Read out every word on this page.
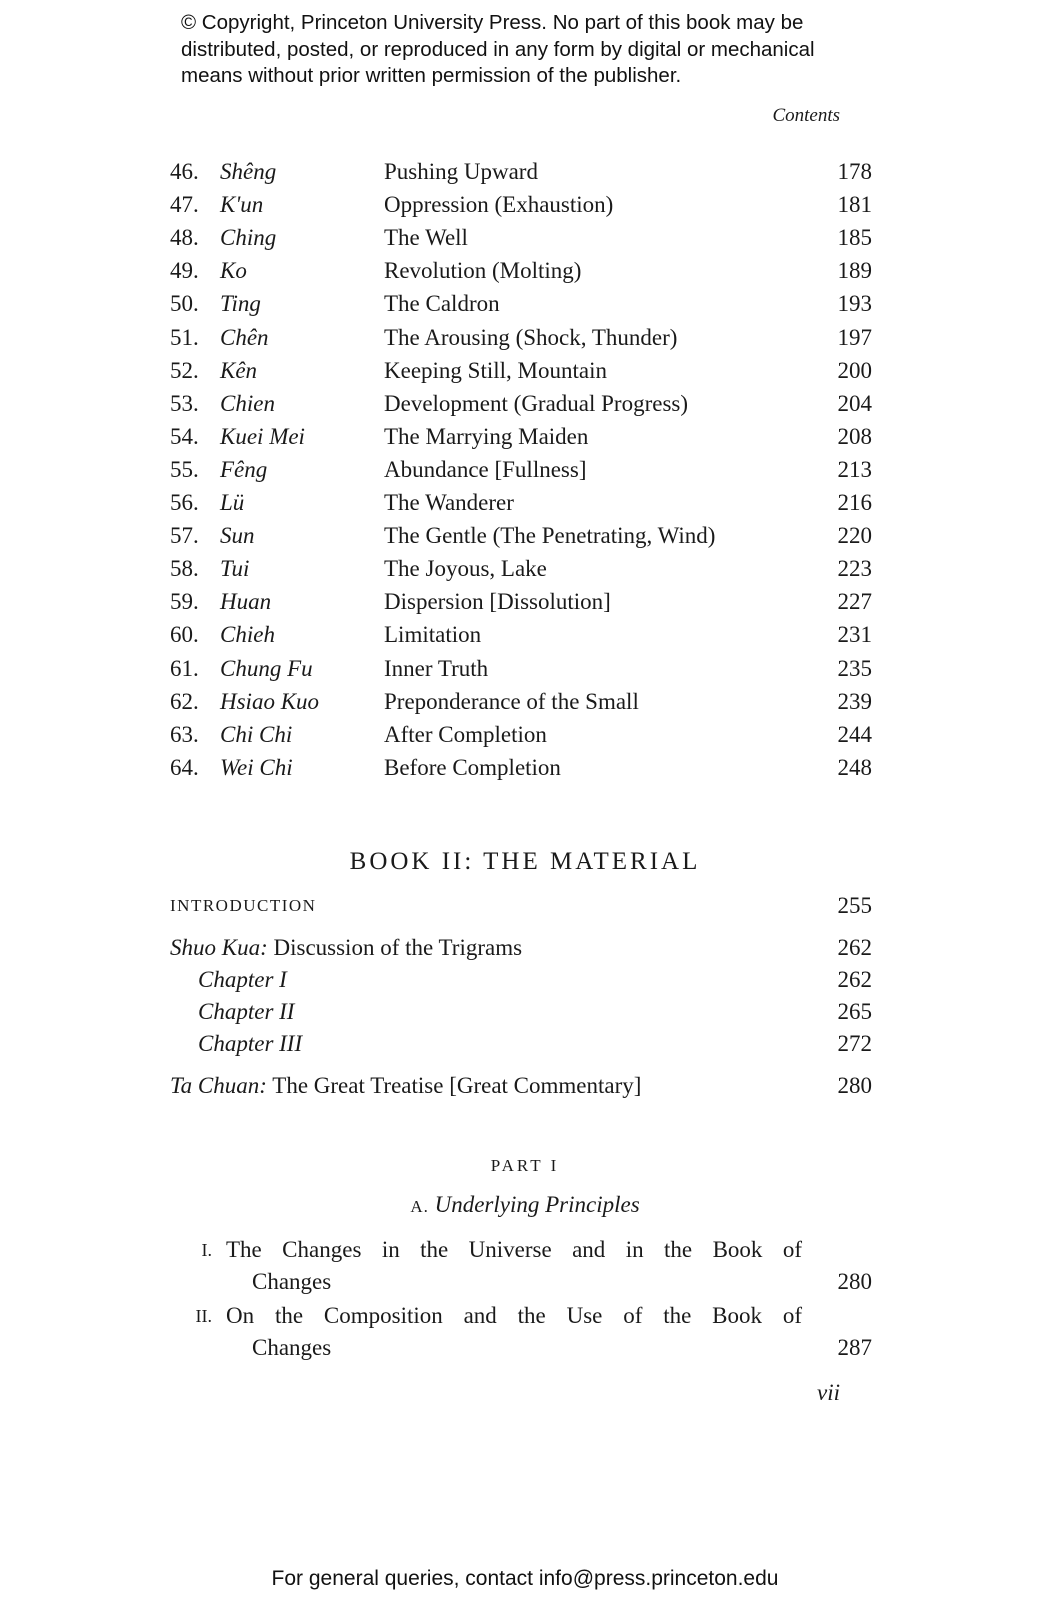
© Copyright, Princeton University Press. No part of this book may be
distributed, posted, or reproduced in any form by digital or mechanical
means without prior written permission of the publisher.
Contents
46. Shêng	Pushing Upward	178
47. K'un	Oppression (Exhaustion)	181
48. Ching	The Well	185
49. Ko	Revolution (Molting)	189
50. Ting	The Caldron	193
51. Chên	The Arousing (Shock, Thunder)	197
52. Kên	Keeping Still, Mountain	200
53. Chien	Development (Gradual Progress)	204
54. Kuei Mei	The Marrying Maiden	208
55. Fêng	Abundance [Fullness]	213
56. Lü	The Wanderer	216
57. Sun	The Gentle (The Penetrating, Wind)	220
58. Tui	The Joyous, Lake	223
59. Huan	Dispersion [Dissolution]	227
60. Chieh	Limitation	231
61. Chung Fu	Inner Truth	235
62. Hsiao Kuo	Preponderance of the Small	239
63. Chi Chi	After Completion	244
64. Wei Chi	Before Completion	248
BOOK II: THE MATERIAL
INTRODUCTION	255
Shuo Kua: Discussion of the Trigrams	262
Chapter I	262
Chapter II	265
Chapter III	272
Ta Chuan: The Great Treatise [Great Commentary]	280
PART I
A. Underlying Principles
I. The Changes in the Universe and in the Book of
Changes	280
II. On the Composition and the Use of the Book of
Changes	287
vii
For general queries, contact info@press.princeton.edu
